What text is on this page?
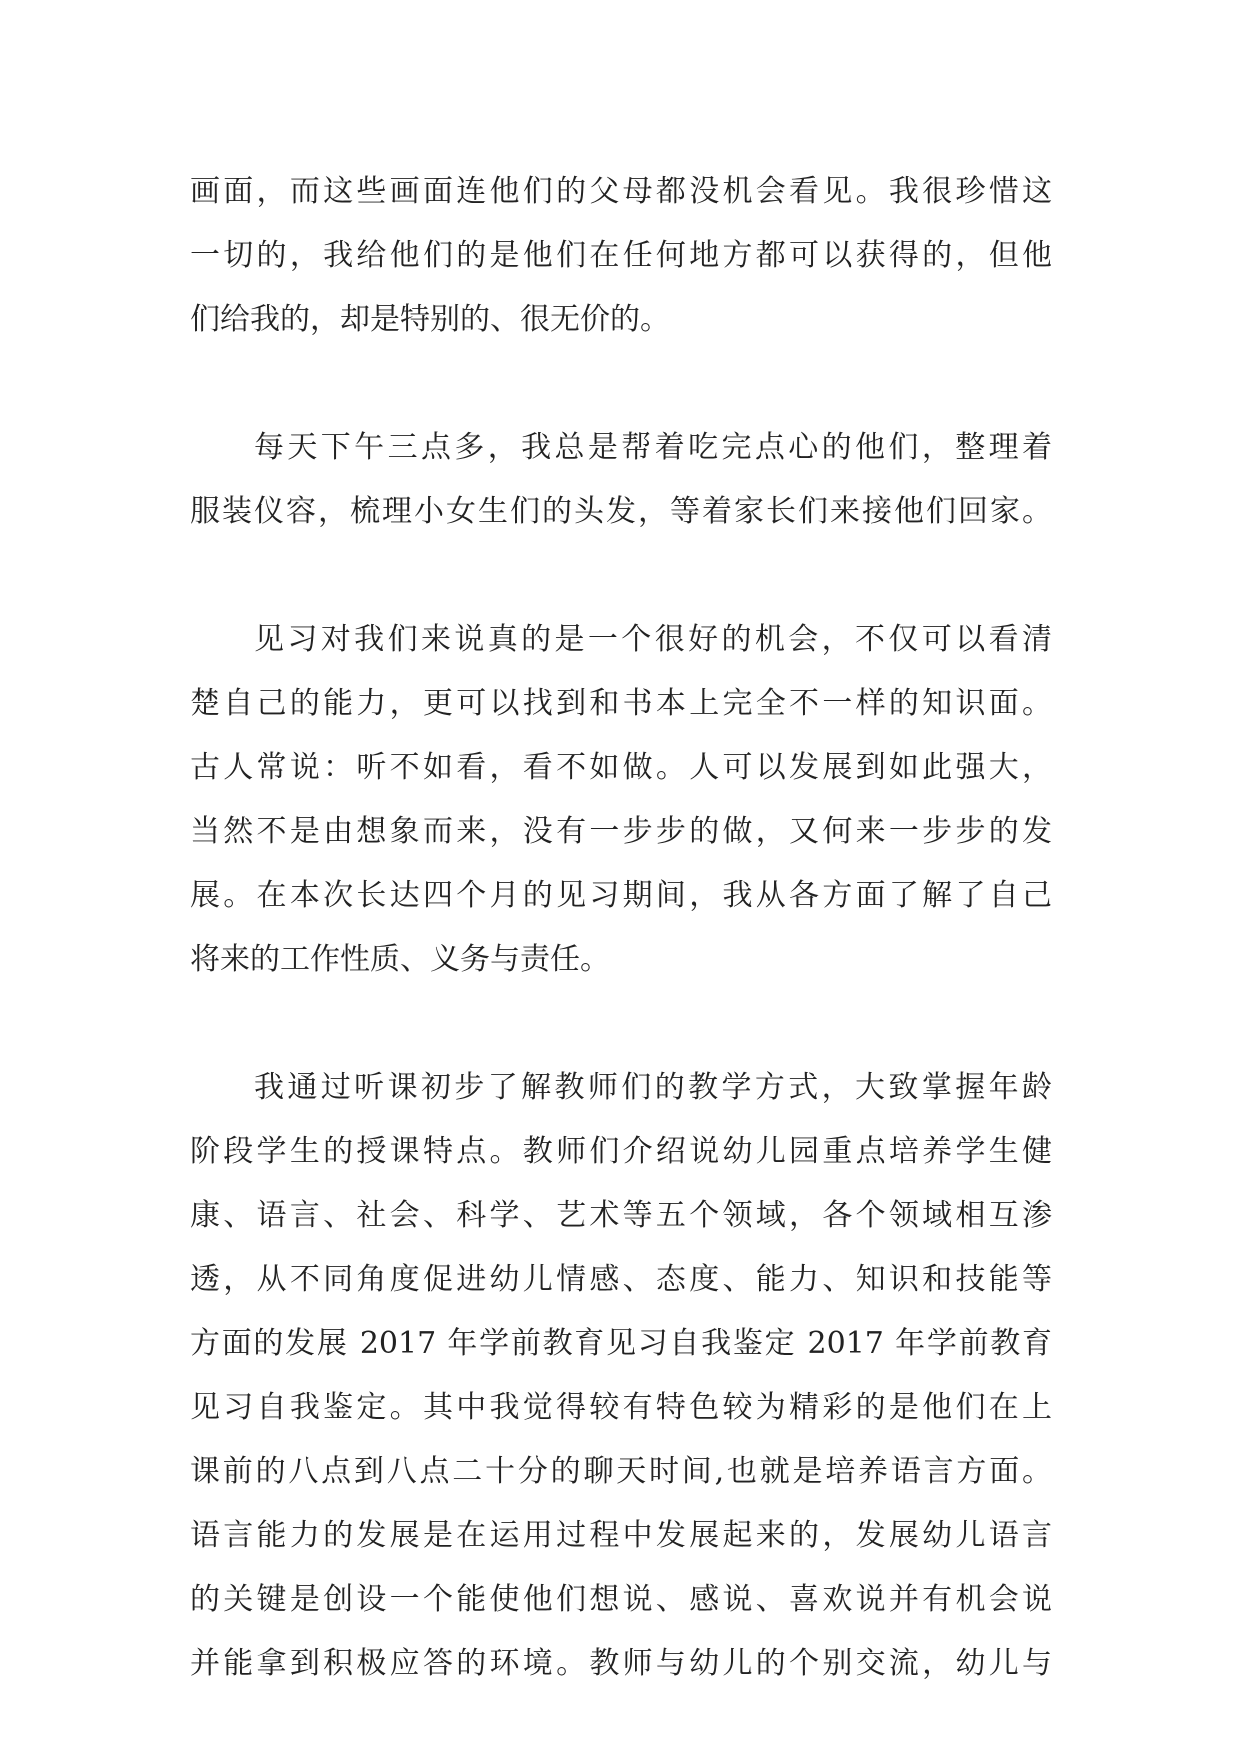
画面，而这些画面连他们的父母都没机会看见。我很珍惜这
一切的，我给他们的是他们在任何地方都可以获得的，但他
们给我的，却是特别的、很无价的。
每天下午三点多，我总是帮着吃完点心的他们，整理着
服装仪容，梳理小女生们的头发，等着家长们来接他们回家。
见习对我们来说真的是一个很好的机会，不仅可以看清
楚自己的能力，更可以找到和书本上完全不一样的知识面。
古人常说：听不如看，看不如做。人可以发展到如此强大，
当然不是由想象而来，没有一步步的做，又何来一步步的发
展。在本次长达四个月的见习期间，我从各方面了解了自己
将来的工作性质、义务与责任。
我通过听课初步了解教师们的教学方式，大致掌握年龄
阶段学生的授课特点。教师们介绍说幼儿园重点培养学生健
康、语言、社会、科学、艺术等五个领域，各个领域相互渗
透，从不同角度促进幼儿情感、态度、能力、知识和技能等
方面的发展 2017 年学前教育见习自我鉴定 2017 年学前教育
见习自我鉴定。其中我觉得较有特色较为精彩的是他们在上
课前的八点到八点二十分的聊天时间,也就是培养语言方面。
语言能力的发展是在运用过程中发展起来的，发展幼儿语言
的关键是创设一个能使他们想说、感说、喜欢说并有机会说
并能拿到积极应答的环境。教师与幼儿的个别交流，幼儿与
